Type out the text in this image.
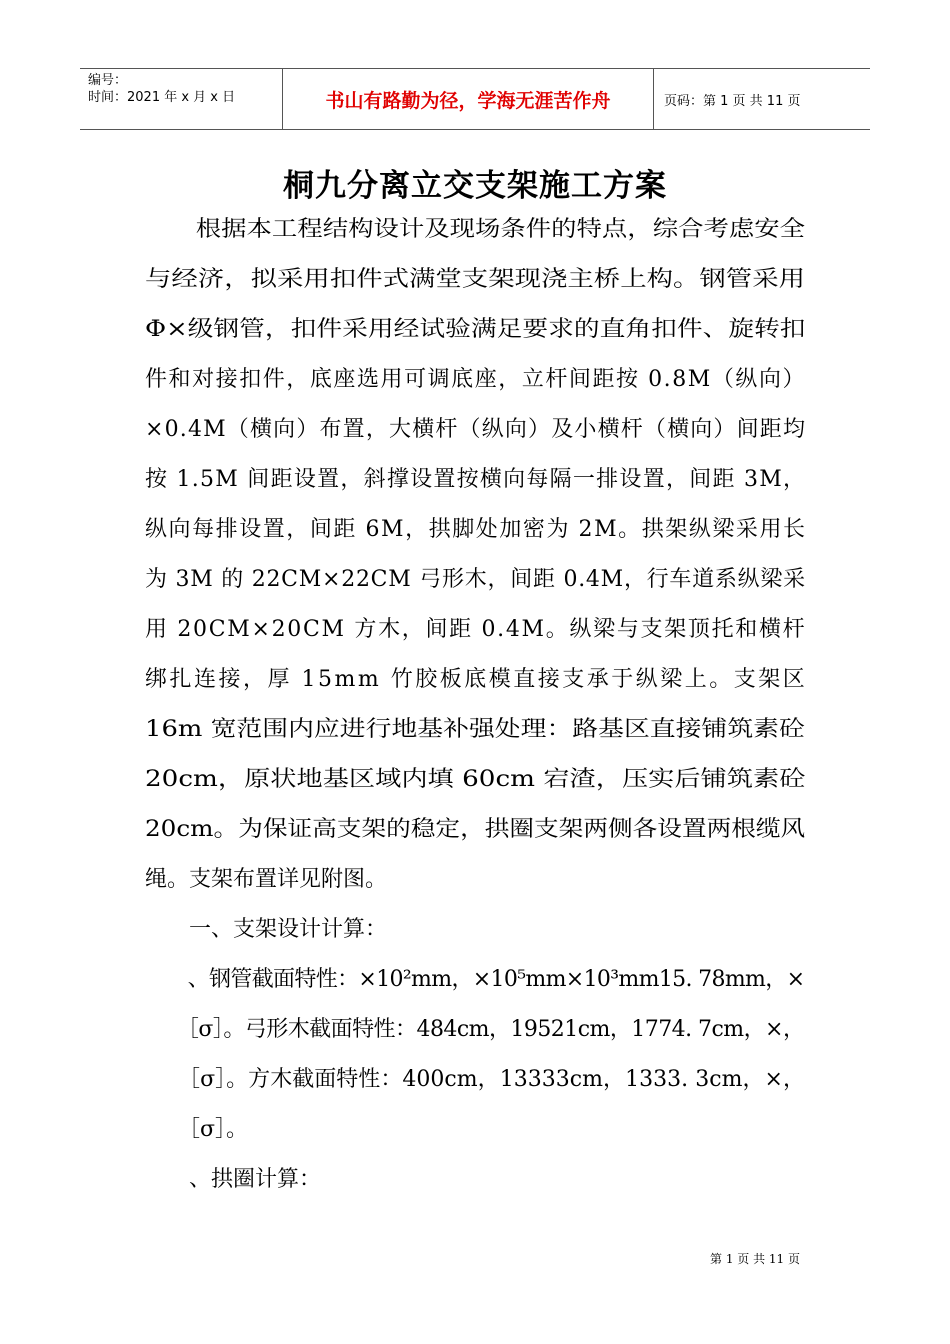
编号：
时间：2021 年 x 月 x 日	书山有路勤为径，学海无涯苦作舟	页码：第 1 页 共 11 页
桐九分离立交支架施工方案
　　根据本工程结构设计及现场条件的特点，综合考虑安全
与经济，拟采用扣件式满堂支架现浇主桥上构。钢管采用
Φ×级钢管，扣件采用经试验满足要求的直角扣件、旋转扣
件和对接扣件，底座选用可调底座，立杆间距按 0.8M（纵向）
×0.4M（横向）布置，大横杆（纵向）及小横杆（横向）间距均
按 1.5M 间距设置，斜撑设置按横向每隔一排设置，间距 3M，
纵向每排设置，间距 6M，拱脚处加密为 2M。拱架纵梁采用长
为 3M 的 22CM×22CM 弓形木，间距 0.4M，行车道系纵梁采
用 20CM×20CM 方木，间距 0.4M。纵梁与支架顶托和横杆
绑扎连接，厚 15mm 竹胶板底模直接支承于纵梁上。支架区
16m 宽范围内应进行地基补强处理：路基区直接铺筑素砼
20cm，原状地基区域内填 60cm 宕渣，压实后铺筑素砼
20cm。为保证高支架的稳定，拱圈支架两侧各设置两根缆风
绳。支架布置详见附图。
　　一、支架设计计算：
　　、钢管截面特性：×10²mm，×10⁵mm×10³mm15. 78mm，×
　　［σ］。弓形木截面特性：484cm，19521cm，1774. 7cm，×，
　　［σ］。方木截面特性：400cm，13333cm，1333. 3cm，×，
　　［σ］。
　　、拱圈计算：
第 1 页 共 11 页
